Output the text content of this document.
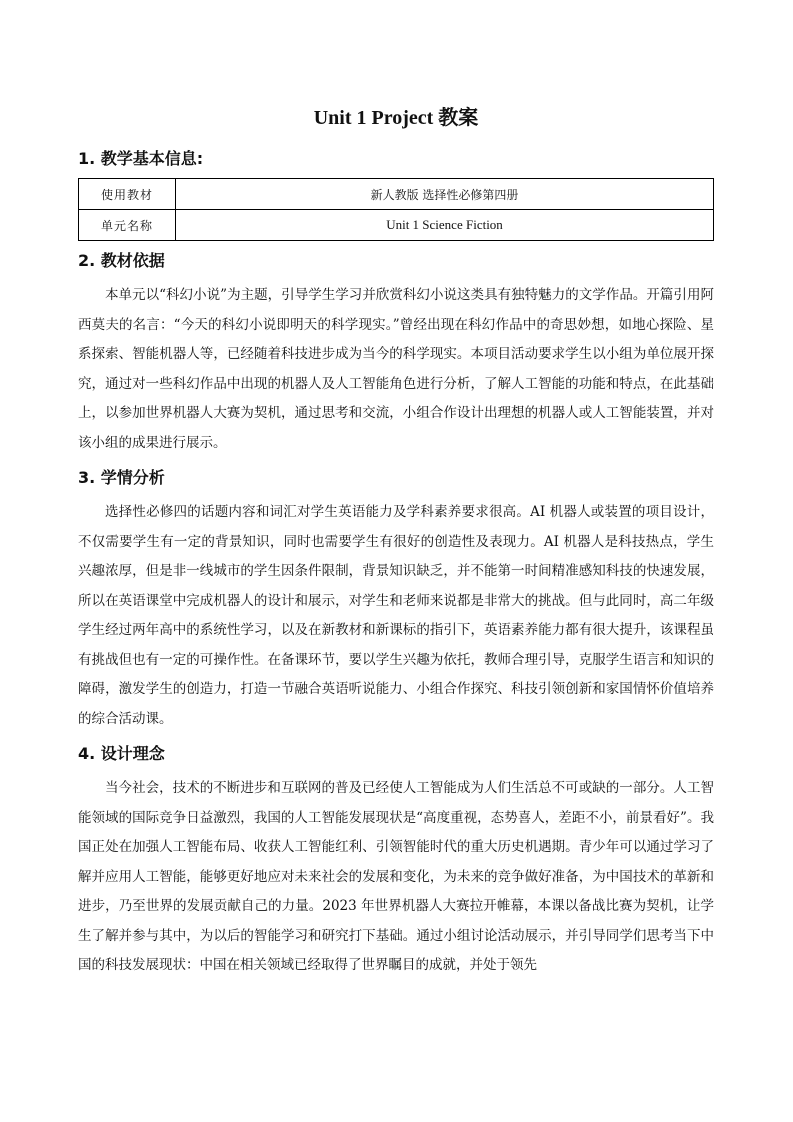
Unit 1 Project 教案
1. 教学基本信息:
使用教材	新人教版 选择性必修第四册
单元名称	Unit 1 Science Fiction
2. 教材依据

本单元以“科幻小说”为主题，引导学生学习并欣赏科幻小说这类具有独特魅力的文学作品。开篇引用阿西莫夫的名言：“今天的科幻小说即明天的科学现实。”曾经出现在科幻作品中的奇思妙想，如地心探险、星系探索、智能机器人等，已经随着科技进步成为当今的科学现实。本项目活动要求学生以小组为单位展开探究，通过对一些科幻作品中出现的机器人及人工智能角色进行分析，了解人工智能的功能和特点，在此基础上，以参加世界机器人大赛为契机，通过思考和交流，小组合作设计出理想的机器人或人工智能装置，并对该小组的成果进行展示。

3. 学情分析

选择性必修四的话题内容和词汇对学生英语能力及学科素养要求很高。AI 机器人或装置的项目设计，不仅需要学生有一定的背景知识，同时也需要学生有很好的创造性及表现力。AI 机器人是科技热点，学生兴趣浓厚，但是非一线城市的学生因条件限制，背景知识缺乏，并不能第一时间精准感知科技的快速发展，所以在英语课堂中完成机器人的设计和展示，对学生和老师来说都是非常大的挑战。但与此同时，高二年级学生经过两年高中的系统性学习，以及在新教材和新课标的指引下，英语素养能力都有很大提升，该课程虽有挑战但也有一定的可操作性。在备课环节，要以学生兴趣为依托，教师合理引导，克服学生语言和知识的障碍，激发学生的创造力，打造一节融合英语听说能力、小组合作探究、科技引领创新和家国情怀价值培养的综合活动课。

4. 设计理念

当今社会，技术的不断进步和互联网的普及已经使人工智能成为人们生活总不可或缺的一部分。人工智能领域的国际竞争日益激烈，我国的人工智能发展现状是“高度重视，态势喜人，差距不小，前景看好”。我国正处在加强人工智能布局、收获人工智能红利、引领智能时代的重大历史机遇期。青少年可以通过学习了解并应用人工智能，能够更好地应对未来社会的发展和变化，为未来的竞争做好准备，为中国技术的革新和进步，乃至世界的发展贡献自己的力量。2023 年世界机器人大赛拉开帷幕，本课以备战比赛为契机，让学生了解并参与其中，为以后的智能学习和研究打下基础。通过小组讨论活动展示，并引导同学们思考当下中国的科技发展现状：中国在相关领域已经取得了世界瞩目的成就，并处于领先
